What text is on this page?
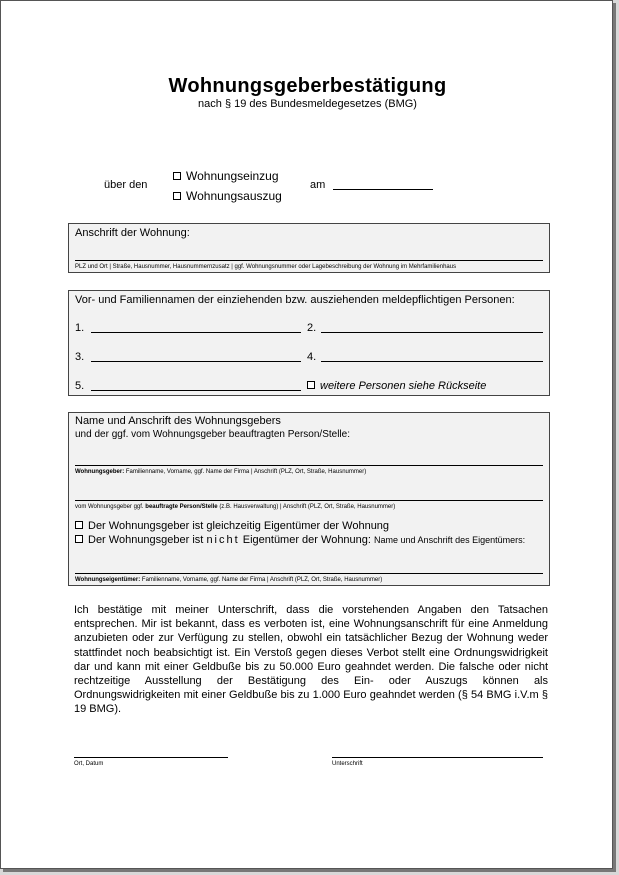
Wohnungsgeberbestätigung
nach § 19 des Bundesmeldegesetzes (BMG)
über den
Wohnungseinzug
Wohnungsauszug
am
Anschrift der Wohnung:
PLZ und Ort | Straße, Hausnummer, Hausnummernzusatz | ggf. Wohnungsnummer oder Lagebeschreibung der Wohnung im Mehrfamilienhaus
Vor- und Familiennamen der einziehenden bzw. ausziehenden meldepflichtigen Personen:
1.	2.
3.	4.
5.	weitere Personen siehe Rückseite
Name und Anschrift des Wohnungsgebers
und der ggf. vom Wohnungsgeber beauftragten Person/Stelle:
Wohnungsgeber: Familienname, Vorname, ggf. Name der Firma | Anschrift (PLZ, Ort, Straße, Hausnummer)
vom Wohnungsgeber ggf. beauftragte Person/Stelle (z.B. Hausverwaltung) | Anschrift (PLZ, Ort, Straße, Hausnummer)
Der Wohnungsgeber ist gleichzeitig Eigentümer der Wohnung
Der Wohnungsgeber ist nicht Eigentümer der Wohnung: Name und Anschrift des Eigentümers:
Wohnungseigentümer: Familienname, Vorname, ggf. Name der Firma | Anschrift (PLZ, Ort, Straße, Hausnummer)
Ich bestätige mit meiner Unterschrift, dass die vorstehenden Angaben den Tatsachen entsprechen. Mir ist bekannt, dass es verboten ist, eine Wohnungsanschrift für eine Anmeldung anzubieten oder zur Verfügung zu stellen, obwohl ein tatsächlicher Bezug der Wohnung weder stattfindet noch beabsichtigt ist. Ein Verstoß gegen dieses Verbot stellt eine Ordnungswidrigkeit dar und kann mit einer Geldbuße bis zu 50.000 Euro geahndet werden. Die falsche oder nicht rechtzeitige Ausstellung der Bestätigung des Ein- oder Auszugs können als Ordnungswidrigkeiten mit einer Geldbuße bis zu 1.000 Euro geahndet werden (§ 54 BMG i.V.m § 19 BMG).
Ort, Datum	Unterschrift
